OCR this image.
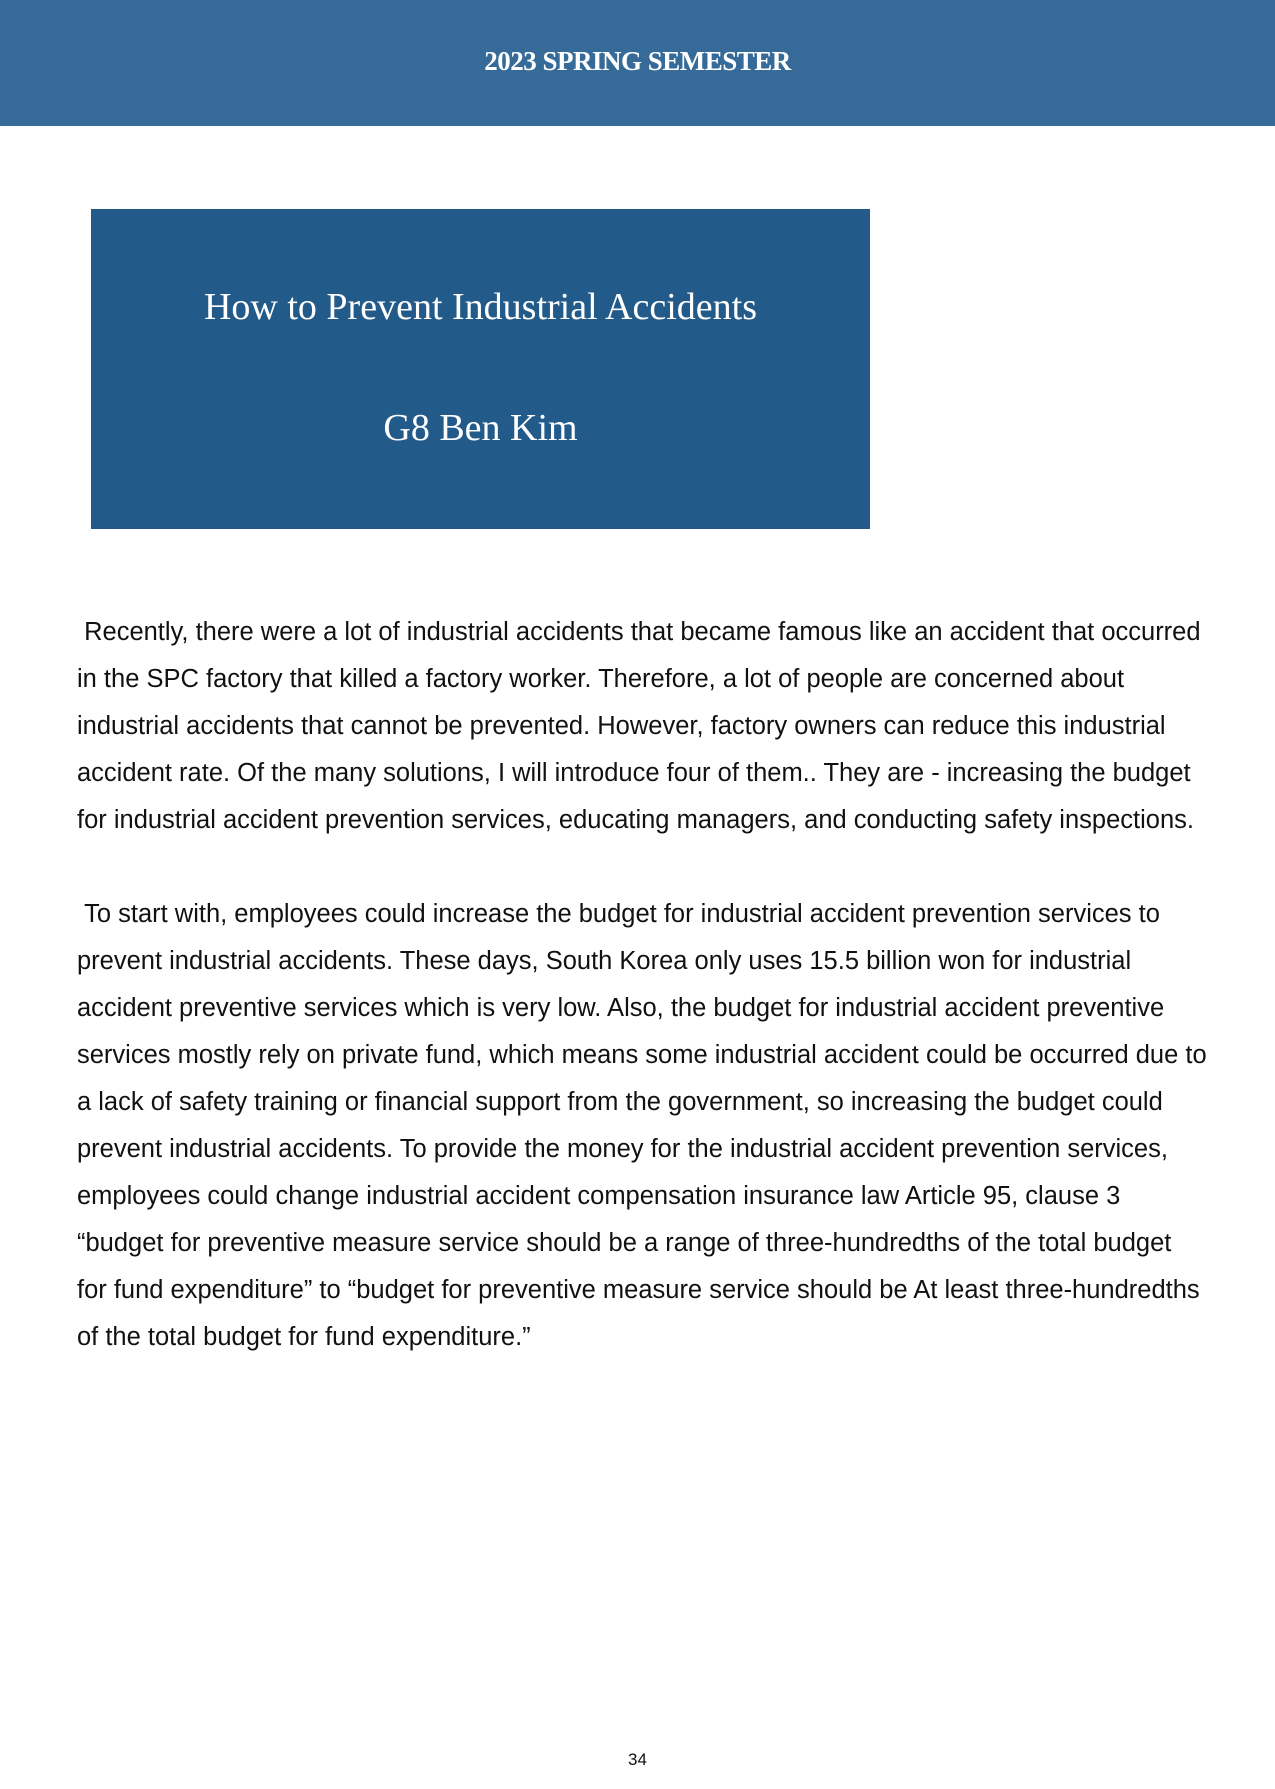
2023 SPRING SEMESTER
How to Prevent Industrial Accidents
G8 Ben Kim

Recently, there were a lot of industrial accidents that became famous like an accident that occurred in the SPC factory that killed a factory worker. Therefore, a lot of people are concerned about industrial accidents that cannot be prevented. However, factory owners can reduce this industrial accident rate. Of the many solutions, I will introduce four of them.. They are - increasing the budget for industrial accident prevention services, educating managers, and conducting safety inspections.

To start with, employees could increase the budget for industrial accident prevention services to prevent industrial accidents. These days, South Korea only uses 15.5 billion won for industrial accident preventive services which is very low. Also, the budget for industrial accident preventive services mostly rely on private fund, which means some industrial accident could be occurred due to a lack of safety training or financial support from the government, so increasing the budget could prevent industrial accidents. To provide the money for the industrial accident prevention services, employees could change industrial accident compensation insurance law Article 95, clause 3 “budget for preventive measure service should be a range of three-hundredths of the total budget for fund expenditure” to “budget for preventive measure service should be At least three-hundredths of the total budget for fund expenditure.”

34
